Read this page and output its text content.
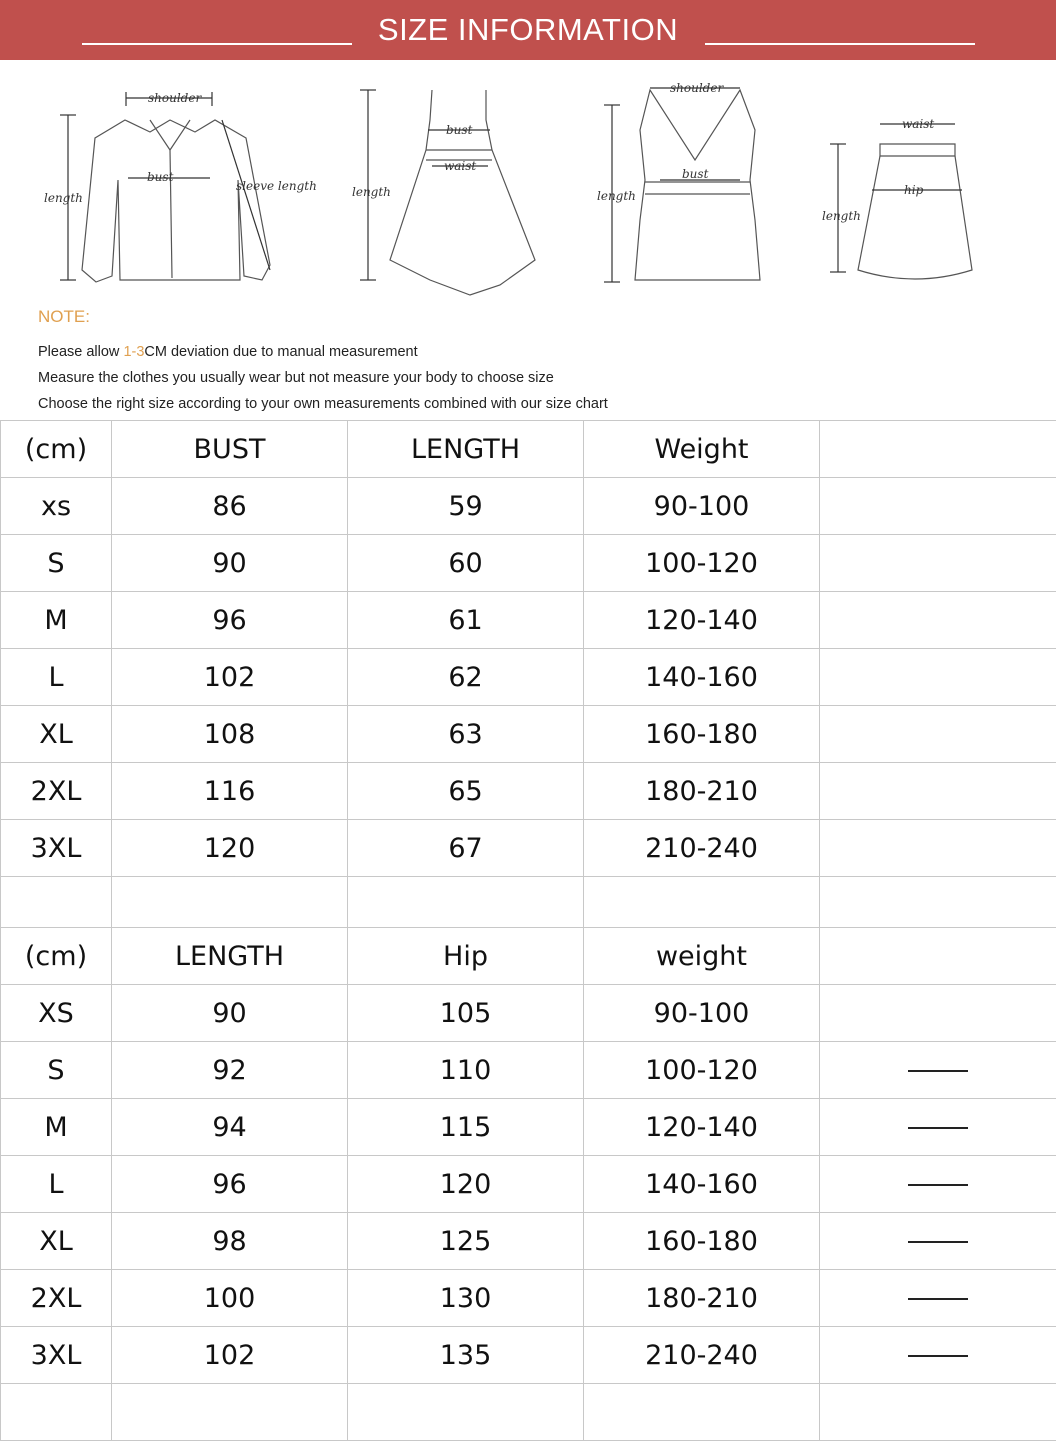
SIZE INFORMATION
shoulder
bust
length
sleeve length
bust
waist
length
shoulder
bust
length
waist
hip
length
NOTE:
Please allow 1-3CM deviation due to manual measurement
Measure the clothes you usually wear but not measure your body to choose size
Choose the right size according to your own measurements combined with our size chart
(cm)	BUST	LENGTH	Weight	
xs	86	59	90-100	
S	90	60	100-120	
M	96	61	120-140	
L	102	62	140-160	
XL	108	63	160-180	
2XL	116	65	180-210	
3XL	120	67	210-240	

(cm)	LENGTH	Hip	weight	
XS	90	105	90-100	
S	92	110	100-120	
M	94	115	120-140	
L	96	120	140-160	
XL	98	125	160-180	
2XL	100	130	180-210	
3XL	102	135	210-240	
